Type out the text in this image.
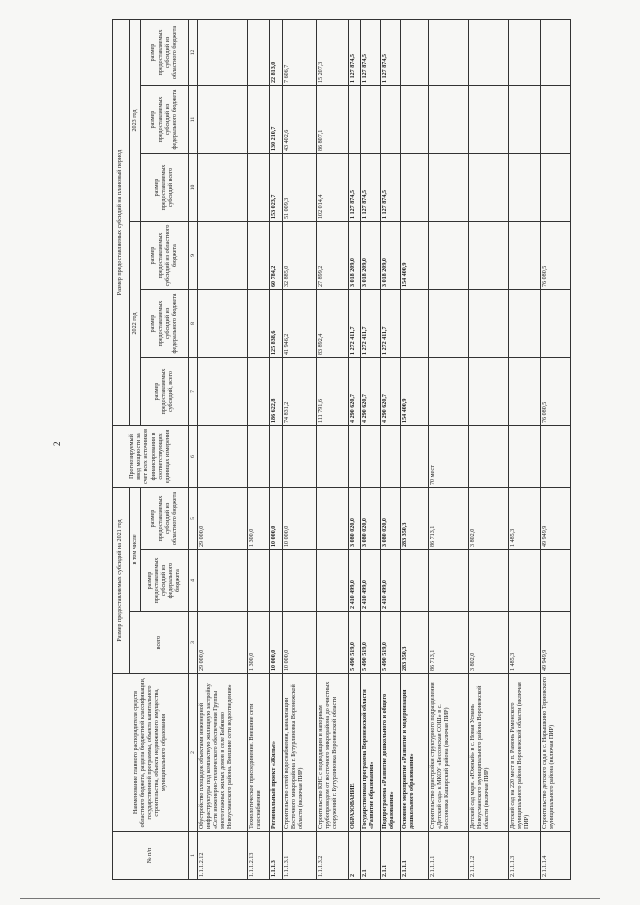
2
№ п/п	Наименование главного распорядителя средств областного бюджета, раздела бюджетной классификации, государственной программы, объекта капитального строительства, объекта недвижимого имущества, муниципального образования	Размер предоставляемых субсидий на 2021 год			Прогнозируемый ввод мощности за счет всех источников финансирования в соответствующих единицах измерения	Размер предоставляемых субсидий на плановый период					
		всего	в том числе			2022 год			2023 год		
			размер предоставляемых субсидий из федерального бюджета	размер предоставляемых субсидий из областного бюджета		размер предоставляемых субсидий, всего	размер предоставляемых субсидий из федерального бюджета	размер предоставляемых субсидий из областного бюджета	размер предоставляемых субсидий всего	размер предоставляемых субсидий из федерального бюджета	размер предоставляемых субсидий из областного бюджета

1	2	3	4	5	6	7	8	9	10	11	12
1.1.1.2.12	Обустройство площадок объектами инженерной инфраструктуры под компактную жилищную застройку «Сети инженерно-технического обеспечения Группы многоэтажных жилых домов в селе Бабяково Новоусманского района. Внешние сети водоотведения»	29 000,0		29 000,0							
1.1.1.2.13	Технологическое присоединение. Внешние сети газоснабжения	1 300,0		1 300,0							
1.1.1.3	Региональный проект «Жилье»	10 000,0		10 000,0		186 622,8	125 838,6	60 784,2	153 023,7	130 210,7	22 813,0
1.1.1.3.1	Строительство сетей водоснабжения, канализации Восточного микрорайона г. Бутурлиновка Воронежской области (включая ПИР)	10 000,0		10 000,0		74 831,2	41 946,2	32 885,0	51 009,3	43 402,6	7 606,7
1.1.1.3.2	Строительство КНС с подводящим и напорным трубопроводом от восточного микрорайона до очистных сооружений г. Бутурлиновка Воронежской области					111 791,6	83 892,4	27 899,2	102 014,4	86 807,1	15 207,3
2	ОБРАЗОВАНИЕ	5 490 519,0	2 410 499,0	3 080 020,0		4 290 620,7	1 272 411,7	3 018 209,0	1 127 874,5		1 127 874,5
2.1	Государственная программа Воронежской области «Развитие образования»	5 490 519,0	2 410 499,0	3 080 020,0		4 290 620,7	1 272 411,7	3 018 209,0	1 127 874,5		1 127 874,5
2.1.1	Подпрограмма «Развитие дошкольного и общего образования»	5 490 519,0	2 410 499,0	3 080 020,0		4 290 620,7	1 272 411,7	3 018 209,0	1 127 874,5		1 127 874,5
2.1.1.1	Основное мероприятие «Развитие и модернизация дошкольного образования»	283 350,3		283 350,3		154 400,9		154 400,9			
2.1.1.1.1	Строительство пристройки структурного подразделения «Детский сад» к МКОУ «Бессонская СОШ» в с. Бессоновка Каширский района (включая ПИР)	86 713,1		86 713,1	70 мест						
2.1.1.1.2	Детский сад мкрн. «Южный» в с. Новая Усмань Новоусманского муниципального района Воронежской области (включая ПИР)	3 802,0		3 802,0							
2.1.1.1.3	Детский сад на 220 мест в п. Рамонь Рамонского муниципального района Воронежской области (включая ПИР)	1 485,3		1 485,3							
2.1.1.1.4	Строительство детского сада в с. Нарышкино Терновского муниципального района (включая ПИР)	49 949,9		49 949,9		76 080,5		76 080,5			
